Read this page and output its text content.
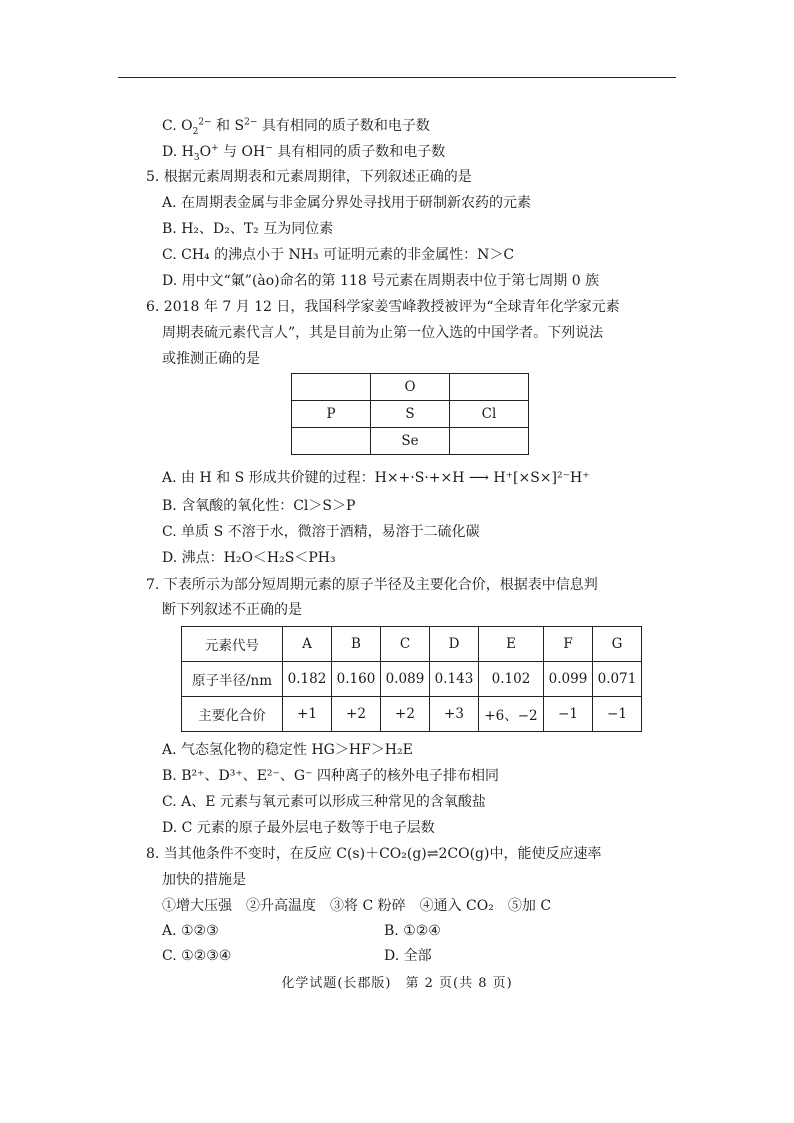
C. $O_2^{2-}$ 和 $S^{2-}$ 具有相同的质子数和电子数
D. $H_3O^+$ 与 OH− 具有相同的质子数和电子数
5. 根据元素周期表和元素周期律，下列叙述正确的是
A. 在周期表金属与非金属分界处寻找用于研制新农药的元素
B. H₂、D₂、T₂ 互为同位素
C. CH₄ 的沸点小于 NH₃ 可证明元素的非金属性：N＞C
D. 用中文“氭”(ào)命名的第 118 号元素在周期表中位于第七周期 0 族
6. 2018 年 7 月 12 日，我国科学家姜雪峰教授被评为“全球青年化学家元素
周期表硫元素代言人”，其是目前为止第一位入选的中国学者。下列说法
或推测正确的是
	O	
P	S	Cl
	Se	
A. 由 H 和 S 形成共价键的过程：H×+·S·+×H ⟶ H⁺[×S×]²⁻H⁺
B. 含氧酸的氧化性：Cl＞S＞P
C. 单质 S 不溶于水，微溶于酒精，易溶于二硫化碳
D. 沸点：H₂O＜H₂S＜PH₃
7. 下表所示为部分短周期元素的原子半径及主要化合价，根据表中信息判
断下列叙述不正确的是
元素代号	A	B	C	D	E	F	G
原子半径/nm	0.182	0.160	0.089	0.143	0.102	0.099	0.071
主要化合价	+1	+2	+2	+3	+6、−2	−1	−1
A. 气态氢化物的稳定性 HG＞HF＞H₂E
B. B²⁺、D³⁺、E²⁻、G⁻ 四种离子的核外电子排布相同
C. A、E 元素与氧元素可以形成三种常见的含氧酸盐
D. C 元素的原子最外层电子数等于电子层数
8. 当其他条件不变时，在反应 C(s)＋CO₂(g)⇌2CO(g)中，能使反应速率
加快的措施是
①增大压强　②升高温度　③将 C 粉碎　④通入 CO₂　⑤加 C
A. ①②③	B. ①②④
C. ①②③④	D. 全部
化学试题(长郡版)　第 2 页(共 8 页)
